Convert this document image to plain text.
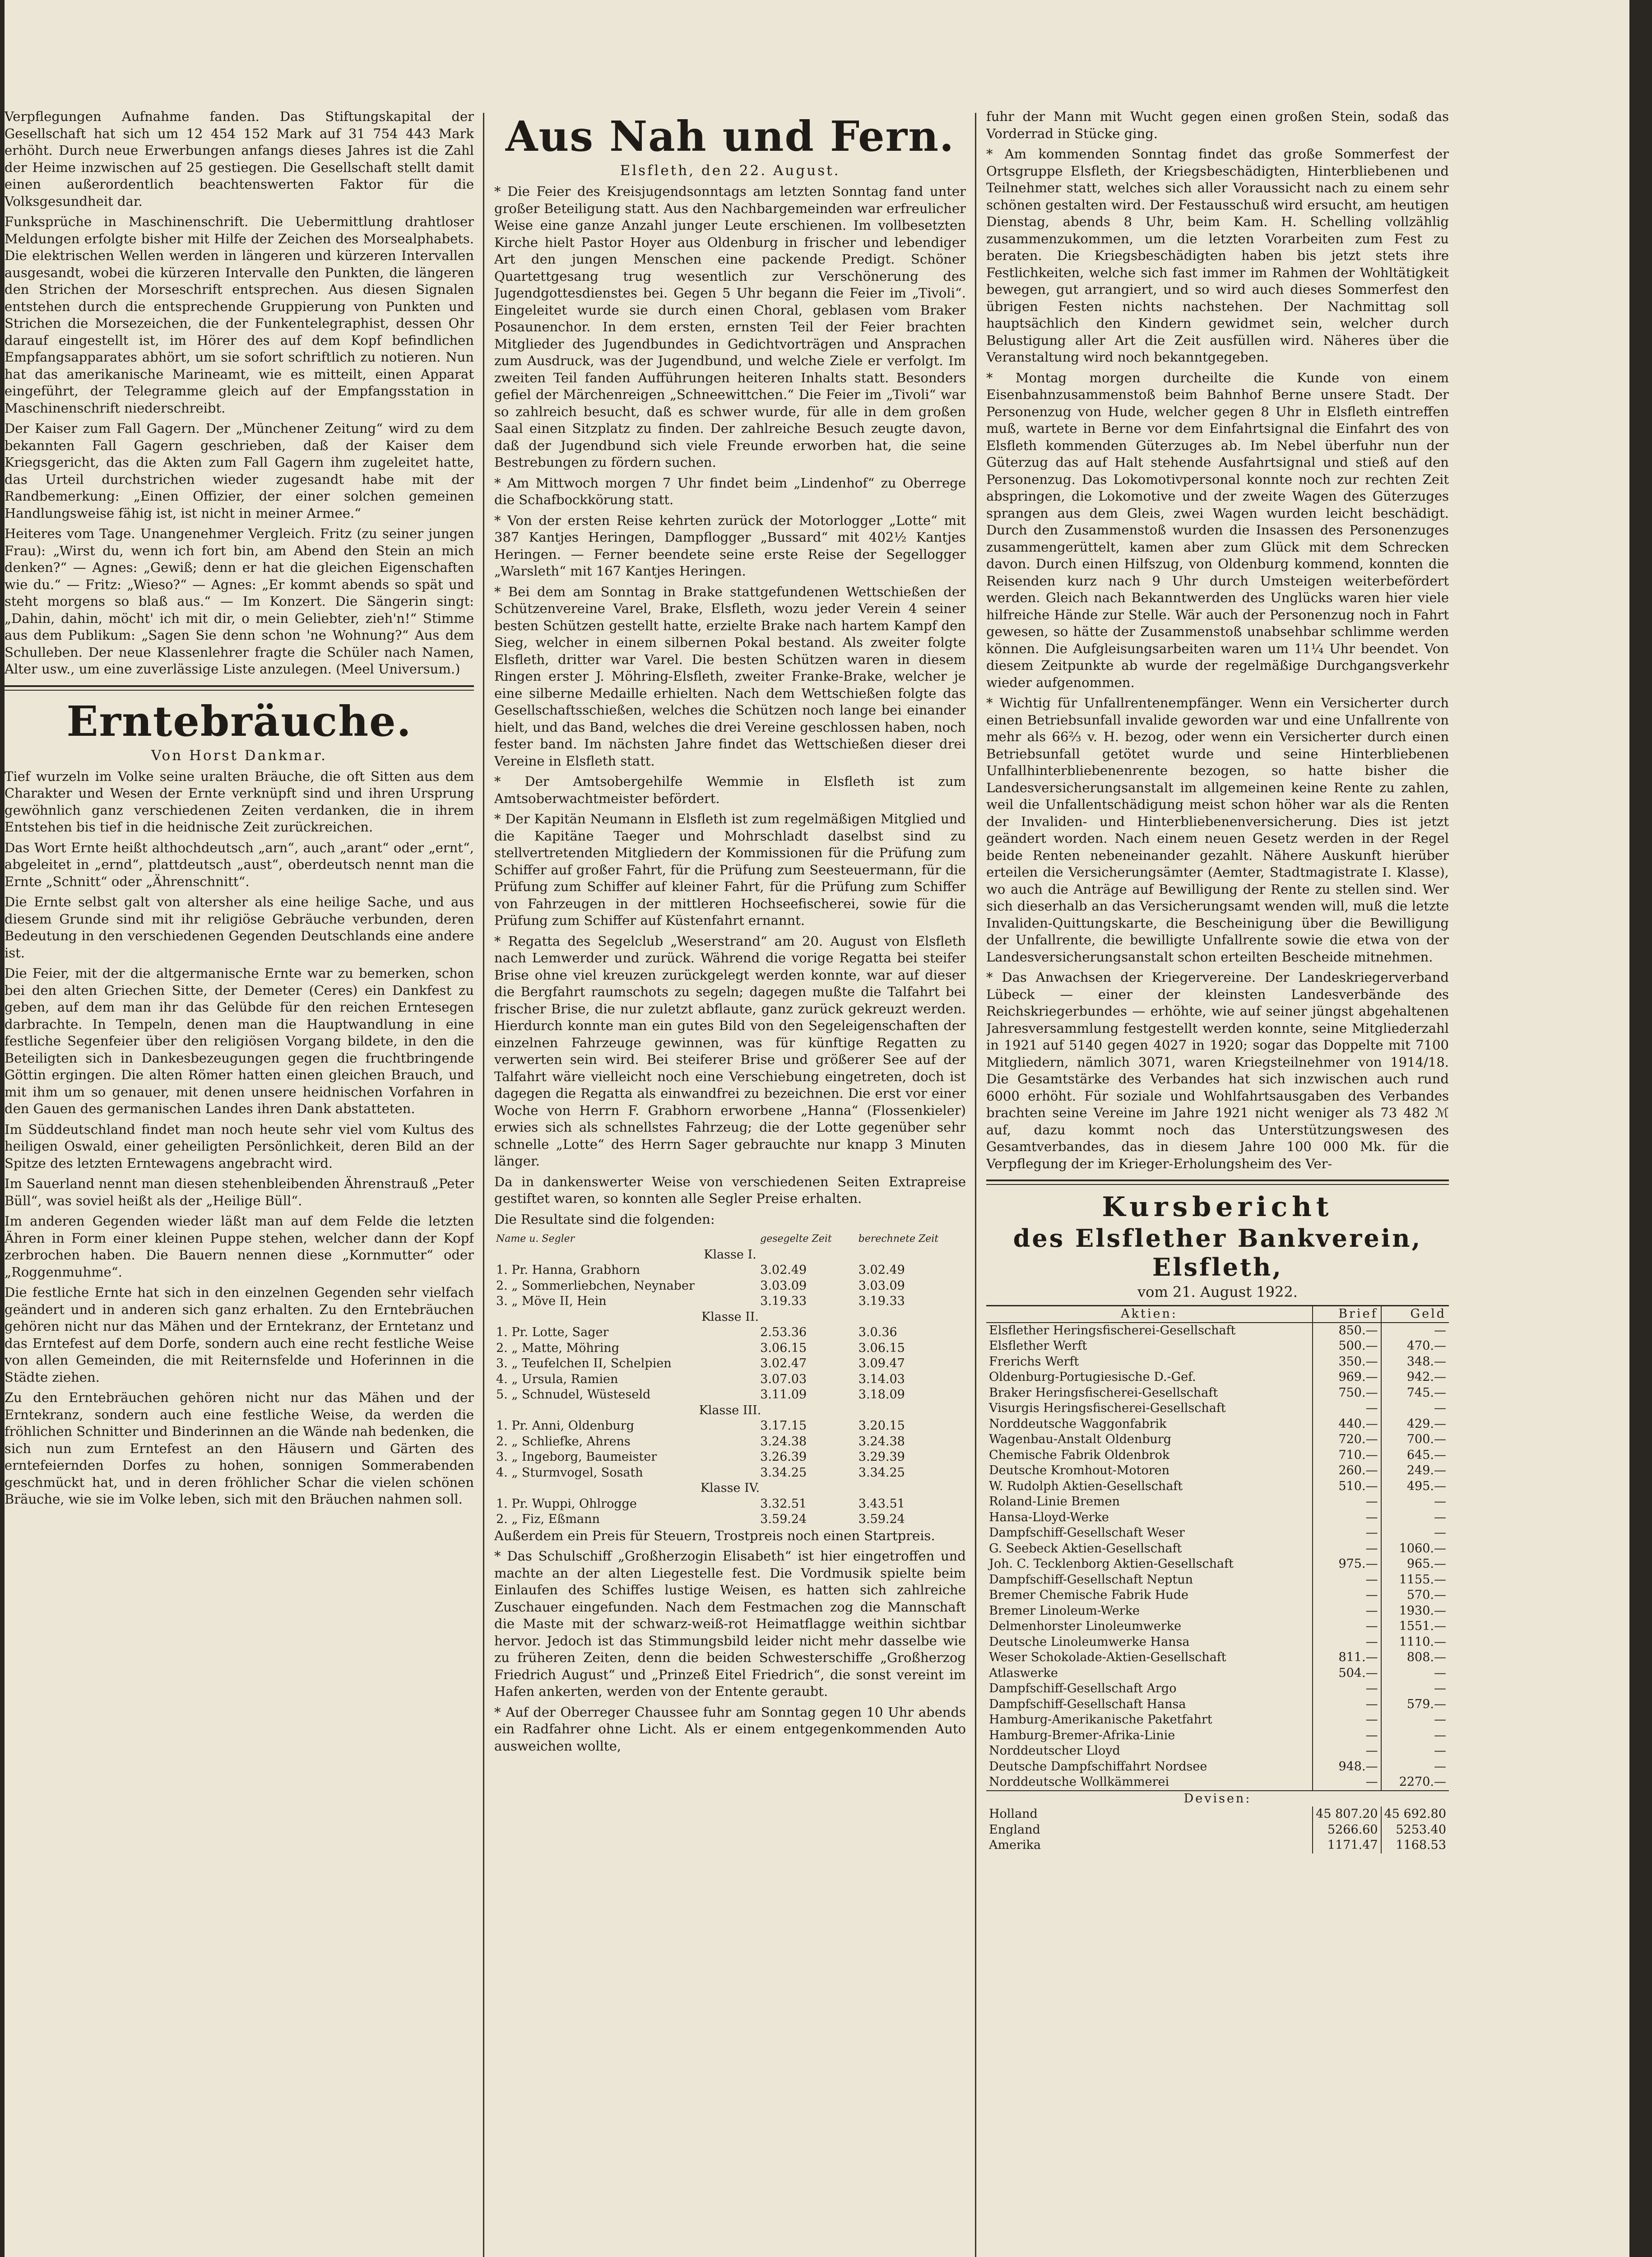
Verpflegungen Aufnahme fanden. Das Stiftungskapital der Gesellschaft hat sich um 12 454 152 Mark auf 31 754 443 Mark erhöht. Durch neue Erwerbungen anfangs dieses Jahres ist die Zahl der Heime inzwischen auf 25 gestiegen. Die Gesellschaft stellt damit einen außerordentlich beachtenswerten Faktor für die Volksgesundheit dar.

Funksprüche in Maschinenschrift. Die Uebermittlung drahtloser Meldungen erfolgte bisher mit Hilfe der Zeichen des Morsealphabets. Die elektrischen Wellen werden in längeren und kürzeren Intervallen ausgesandt, wobei die kürzeren Intervalle den Punkten, die längeren den Strichen der Morseschrift entsprechen. Aus diesen Signalen entstehen durch die entsprechende Gruppierung von Punkten und Strichen die Morsezeichen, die der Funkentelegraphist, dessen Ohr darauf eingestellt ist, im Hörer des auf dem Kopf befindlichen Empfangsapparates abhört, um sie sofort schriftlich zu notieren. Nun hat das amerikanische Marineamt, wie es mitteilt, einen Apparat eingeführt, der Telegramme gleich auf der Empfangsstation in Maschinenschrift niederschreibt.

Der Kaiser zum Fall Gagern. Der „Münchener Zeitung“ wird zu dem bekannten Fall Gagern geschrieben, daß der Kaiser dem Kriegsgericht, das die Akten zum Fall Gagern ihm zugeleitet hatte, das Urteil durchstrichen wieder zugesandt habe mit der Randbemerkung: „Einen Offizier, der einer solchen gemeinen Handlungsweise fähig ist, ist nicht in meiner Armee.“

Heiteres vom Tage. Unangenehmer Vergleich. Fritz (zu seiner jungen Frau): „Wirst du, wenn ich fort bin, am Abend den Stein an mich denken?“ — Agnes: „Gewiß; denn er hat die gleichen Eigenschaften wie du.“ — Fritz: „Wieso?“ — Agnes: „Er kommt abends so spät und steht morgens so blaß aus.“ — Im Konzert. Die Sängerin singt: „Dahin, dahin, möcht' ich mit dir, o mein Geliebter, zieh'n!“ Stimme aus dem Publikum: „Sagen Sie denn schon 'ne Wohnung?“ Aus dem Schulleben. Der neue Klassenlehrer fragte die Schüler nach Namen, Alter usw., um eine zuverlässige Liste anzulegen. (Meel Universum.)

Erntebräuche.
Von Horst Dankmar.

Tief wurzeln im Volke seine uralten Bräuche, die oft Sitten aus dem Charakter und Wesen der Ernte verknüpft sind und ihren Ursprung gewöhnlich ganz verschiedenen Zeiten verdanken, die in ihrem Entstehen bis tief in die heidnische Zeit zurückreichen.

Das Wort Ernte heißt althochdeutsch „arn“, auch „arant“ oder „ernt“, abgeleitet in „ernd“, plattdeutsch „aust“, oberdeutsch nennt man die Ernte „Schnitt“ oder „Ährenschnitt“.

Die Ernte selbst galt von altersher als eine heilige Sache, und aus diesem Grunde sind mit ihr religiöse Gebräuche verbunden, deren Bedeutung in den verschiedenen Gegenden Deutschlands eine andere ist.

Die Feier, mit der die altgermanische Ernte war zu bemerken, schon bei den alten Griechen Sitte, der Demeter (Ceres) ein Dankfest zu geben, auf dem man ihr das Gelübde für den reichen Erntesegen darbrachte. In Tempeln, denen man die Hauptwandlung in eine festliche Segenfeier über den religiösen Vorgang bildete, in den die Beteiligten sich in Dankesbezeugungen gegen die fruchtbringende Göttin ergingen. Die alten Römer hatten einen gleichen Brauch, und mit ihm um so genauer, mit denen unsere heidnischen Vorfahren in den Gauen des germanischen Landes ihren Dank abstatteten.

Im Süddeutschland findet man noch heute sehr viel vom Kultus des heiligen Oswald, einer geheiligten Persönlichkeit, deren Bild an der Spitze des letzten Erntewagens angebracht wird.

Im Sauerland nennt man diesen stehenbleibenden Ährenstrauß „Peter Büll“, was soviel heißt als der „Heilige Büll“.

Im anderen Gegenden wieder läßt man auf dem Felde die letzten Ähren in Form einer kleinen Puppe stehen, welcher dann der Kopf zerbrochen haben. Die Bauern nennen diese „Kornmutter“ oder „Roggenmuhme“.

Die festliche Ernte hat sich in den einzelnen Gegenden sehr vielfach geändert und in anderen sich ganz erhalten. Zu den Erntebräuchen gehören nicht nur das Mähen und der Erntekranz, der Erntetanz und das Erntefest auf dem Dorfe, sondern auch eine recht festliche Weise von allen Gemeinden, die mit Reiternsfelde und Hoferinnen in die Städte ziehen.

Zu den Erntebräuchen gehören nicht nur das Mähen und der Erntekranz, sondern auch eine festliche Weise, da werden die fröhlichen Schnitter und Binderinnen an die Wände nah bedenken, die sich nun zum Erntefest an den Häusern und Gärten des erntefeiernden Dorfes zu hohen, sonnigen Sommerabenden geschmückt hat, und in deren fröhlicher Schar die vielen schönen Bräuche, wie sie im Volke leben, sich mit den Bräuchen nahmen soll.

Aus Nah und Fern.
Elsfleth, den 22. August.

* Die Feier des Kreisjugendsonntags am letzten Sonntag fand unter großer Beteiligung statt. Aus den Nachbargemeinden war erfreulicher Weise eine ganze Anzahl junger Leute erschienen. Im vollbesetzten Kirche hielt Pastor Hoyer aus Oldenburg in frischer und lebendiger Art den jungen Menschen eine packende Predigt. Schöner Quartettgesang trug wesentlich zur Verschönerung des Jugendgottesdienstes bei. Gegen 5 Uhr begann die Feier im „Tivoli“. Eingeleitet wurde sie durch einen Choral, geblasen vom Braker Posaunenchor. In dem ersten, ernsten Teil der Feier brachten Mitglieder des Jugendbundes in Gedichtvorträgen und Ansprachen zum Ausdruck, was der Jugendbund, und welche Ziele er verfolgt. Im zweiten Teil fanden Aufführungen heiteren Inhalts statt. Besonders gefiel der Märchenreigen „Schneewittchen.“ Die Feier im „Tivoli“ war so zahlreich besucht, daß es schwer wurde, für alle in dem großen Saal einen Sitzplatz zu finden. Der zahlreiche Besuch zeugte davon, daß der Jugendbund sich viele Freunde erworben hat, die seine Bestrebungen zu fördern suchen.

* Am Mittwoch morgen 7 Uhr findet beim „Lindenhof“ zu Oberrege die Schafbockkörung statt.

* Von der ersten Reise kehrten zurück der Motorlogger „Lotte“ mit 387 Kantjes Heringen, Dampflogger „Bussard“ mit 402½ Kantjes Heringen. — Ferner beendete seine erste Reise der Segellogger „Warsleth“ mit 167 Kantjes Heringen.

* Bei dem am Sonntag in Brake stattgefundenen Wettschießen der Schützenvereine Varel, Brake, Elsfleth, wozu jeder Verein 4 seiner besten Schützen gestellt hatte, erzielte Brake nach hartem Kampf den Sieg, welcher in einem silbernen Pokal bestand. Als zweiter folgte Elsfleth, dritter war Varel. Die besten Schützen waren in diesem Ringen erster J. Möhring-Elsfleth, zweiter Franke-Brake, welcher je eine silberne Medaille erhielten. Nach dem Wettschießen folgte das Gesellschaftsschießen, welches die Schützen noch lange bei einander hielt, und das Band, welches die drei Vereine geschlossen haben, noch fester band. Im nächsten Jahre findet das Wettschießen dieser drei Vereine in Elsfleth statt.

* Der Amtsobergehilfe Wemmie in Elsfleth ist zum Amtsoberwachtmeister befördert.

* Der Kapitän Neumann in Elsfleth ist zum regelmäßigen Mitglied und die Kapitäne Taeger und Mohrschladt daselbst sind zu stellvertretenden Mitgliedern der Kommissionen für die Prüfung zum Schiffer auf großer Fahrt, für die Prüfung zum Seesteuermann, für die Prüfung zum Schiffer auf kleiner Fahrt, für die Prüfung zum Schiffer von Fahrzeugen in der mittleren Hochseefischerei, sowie für die Prüfung zum Schiffer auf Küstenfahrt ernannt.

* Regatta des Segelclub „Weserstrand“ am 20. August von Elsfleth nach Lemwerder und zurück. Während die vorige Regatta bei steifer Brise ohne viel kreuzen zurückgelegt werden konnte, war auf dieser die Bergfahrt raumschots zu segeln; dagegen mußte die Talfahrt bei frischer Brise, die nur zuletzt abflaute, ganz zurück gekreuzt werden. Hierdurch konnte man ein gutes Bild von den Segeleigenschaften der einzelnen Fahrzeuge gewinnen, was für künftige Regatten zu verwerten sein wird. Bei steiferer Brise und größerer See auf der Talfahrt wäre vielleicht noch eine Verschiebung eingetreten, doch ist dagegen die Regatta als einwandfrei zu bezeichnen. Die erst vor einer Woche von Herrn F. Grabhorn erworbene „Hanna“ (Flossenkieler) erwies sich als schnellstes Fahrzeug; die der Lotte gegenüber sehr schnelle „Lotte“ des Herrn Sager gebrauchte nur knapp 3 Minuten länger.

Da in dankenswerter Weise von verschiedenen Seiten Extrapreise gestiftet waren, so konnten alle Segler Preise erhalten.

Die Resultate sind die folgenden:

Name u. Segler	gesegelte Zeit	berechnete Zeit
Klasse I.		
1. Pr. Hanna, Grabhorn	3.02.49	3.02.49
2. „ Sommerliebchen, Neynaber	3.03.09	3.03.09
3. „ Möve II, Hein	3.19.33	3.19.33
Klasse II.		
1. Pr. Lotte, Sager	2.53.36	3.0.36
2. „ Matte, Möhring	3.06.15	3.06.15
3. „ Teufelchen II, Schelpien	3.02.47	3.09.47
4. „ Ursula, Ramien	3.07.03	3.14.03
5. „ Schnudel, Wüsteseld	3.11.09	3.18.09
Klasse III.		
1. Pr. Anni, Oldenburg	3.17.15	3.20.15
2. „ Schliefke, Ahrens	3.24.38	3.24.38
3. „ Ingeborg, Baumeister	3.26.39	3.29.39
4. „ Sturmvogel, Sosath	3.34.25	3.34.25
Klasse IV.		
1. Pr. Wuppi, Ohlrogge	3.32.51	3.43.51
2. „ Fiz, Eßmann	3.59.24	3.59.24

Außerdem ein Preis für Steuern, Trostpreis noch einen Startpreis.

* Das Schulschiff „Großherzogin Elisabeth“ ist hier eingetroffen und machte an der alten Liegestelle fest. Die Vordmusik spielte beim Einlaufen des Schiffes lustige Weisen, es hatten sich zahlreiche Zuschauer eingefunden. Nach dem Festmachen zog die Mannschaft die Maste mit der schwarz-weiß-rot Heimatflagge weithin sichtbar hervor. Jedoch ist das Stimmungsbild leider nicht mehr dasselbe wie zu früheren Zeiten, denn die beiden Schwesterschiffe „Großherzog Friedrich August“ und „Prinzeß Eitel Friedrich“, die sonst vereint im Hafen ankerten, werden von der Entente geraubt.

* Auf der Oberreger Chaussee fuhr am Sonntag gegen 10 Uhr abends ein Radfahrer ohne Licht. Als er einem entgegenkommenden Auto ausweichen wollte,

fuhr der Mann mit Wucht gegen einen großen Stein, sodaß das Vorderrad in Stücke ging.

* Am kommenden Sonntag findet das große Sommerfest der Ortsgruppe Elsfleth, der Kriegsbeschädigten, Hinterbliebenen und Teilnehmer statt, welches sich aller Voraussicht nach zu einem sehr schönen gestalten wird. Der Festausschuß wird ersucht, am heutigen Dienstag, abends 8 Uhr, beim Kam. H. Schelling vollzählig zusammenzukommen, um die letzten Vorarbeiten zum Fest zu beraten. Die Kriegsbeschädigten haben bis jetzt stets ihre Festlichkeiten, welche sich fast immer im Rahmen der Wohltätigkeit bewegen, gut arrangiert, und so wird auch dieses Sommerfest den übrigen Festen nichts nachstehen. Der Nachmittag soll hauptsächlich den Kindern gewidmet sein, welcher durch Belustigung aller Art die Zeit ausfüllen wird. Näheres über die Veranstaltung wird noch bekanntgegeben.

* Montag morgen durcheilte die Kunde von einem Eisenbahnzusammenstoß beim Bahnhof Berne unsere Stadt. Der Personenzug von Hude, welcher gegen 8 Uhr in Elsfleth eintreffen muß, wartete in Berne vor dem Einfahrtsignal die Einfahrt des von Elsfleth kommenden Güterzuges ab. Im Nebel überfuhr nun der Güterzug das auf Halt stehende Ausfahrtsignal und stieß auf den Personenzug. Das Lokomotivpersonal konnte noch zur rechten Zeit abspringen, die Lokomotive und der zweite Wagen des Güterzuges sprangen aus dem Gleis, zwei Wagen wurden leicht beschädigt. Durch den Zusammenstoß wurden die Insassen des Personenzuges zusammengerüttelt, kamen aber zum Glück mit dem Schrecken davon. Durch einen Hilfszug, von Oldenburg kommend, konnten die Reisenden kurz nach 9 Uhr durch Umsteigen weiterbefördert werden. Gleich nach Bekanntwerden des Unglücks waren hier viele hilfreiche Hände zur Stelle. Wär auch der Personenzug noch in Fahrt gewesen, so hätte der Zusammenstoß unabsehbar schlimme werden können. Die Aufgleisungsarbeiten waren um 11¼ Uhr beendet. Von diesem Zeitpunkte ab wurde der regelmäßige Durchgangsverkehr wieder aufgenommen.

* Wichtig für Unfallrentenempfänger. Wenn ein Versicherter durch einen Betriebsunfall invalide geworden war und eine Unfallrente von mehr als 66⅔ v. H. bezog, oder wenn ein Versicherter durch einen Betriebsunfall getötet wurde und seine Hinterbliebenen Unfallhinterbliebenenrente bezogen, so hatte bisher die Landesversicherungsanstalt im allgemeinen keine Rente zu zahlen, weil die Unfallentschädigung meist schon höher war als die Renten der Invaliden- und Hinterbliebenenversicherung. Dies ist jetzt geändert worden. Nach einem neuen Gesetz werden in der Regel beide Renten nebeneinander gezahlt. Nähere Auskunft hierüber erteilen die Versicherungsämter (Aemter, Stadtmagistrate I. Klasse), wo auch die Anträge auf Bewilligung der Rente zu stellen sind. Wer sich dieserhalb an das Versicherungsamt wenden will, muß die letzte Invaliden-Quittungskarte, die Bescheinigung über die Bewilligung der Unfallrente, die bewilligte Unfallrente sowie die etwa von der Landesversicherungsanstalt schon erteilten Bescheide mitnehmen.

* Das Anwachsen der Kriegervereine. Der Landeskriegerverband Lübeck — einer der kleinsten Landesverbände des Reichskriegerbundes — erhöhte, wie auf seiner jüngst abgehaltenen Jahresversammlung festgestellt werden konnte, seine Mitgliederzahl in 1921 auf 5140 gegen 4027 in 1920; sogar das Doppelte mit 7100 Mitgliedern, nämlich 3071, waren Kriegsteilnehmer von 1914/18. Die Gesamtstärke des Verbandes hat sich inzwischen auch rund 6000 erhöht. Für soziale und Wohlfahrtsausgaben des Verbandes brachten seine Vereine im Jahre 1921 nicht weniger als 73 482 ℳ auf, dazu kommt noch das Unterstützungswesen des Gesamtverbandes, das in diesem Jahre 100 000 Mk. für die Verpflegung der im Krieger-Erholungsheim des Ver-

Kursbericht
des Elsflether Bankverein, Elsfleth,
vom 21. August 1922.
Aktien:	Brief	Geld
Elsflether Heringsfischerei-Gesellschaft	850.—	—
Elsflether Werft	500.—	470.—
Frerichs Werft	350.—	348.—
Oldenburg-Portugiesische D.-Gef.	969.—	942.—
Braker Heringsfischerei-Gesellschaft	750.—	745.—
Visurgis Heringsfischerei-Gesellschaft	—	—
Norddeutsche Waggonfabrik	440.—	429.—
Wagenbau-Anstalt Oldenburg	720.—	700.—
Chemische Fabrik Oldenbrok	710.—	645.—
Deutsche Kromhout-Motoren	260.—	249.—
W. Rudolph Aktien-Gesellschaft	510.—	495.—
Roland-Linie Bremen	—	—
Hansa-Lloyd-Werke	—	—
Dampfschiff-Gesellschaft Weser	—	—
G. Seebeck Aktien-Gesellschaft	—	1060.—
Joh. C. Tecklenborg Aktien-Gesellschaft	975.—	965.—
Dampfschiff-Gesellschaft Neptun	—	1155.—
Bremer Chemische Fabrik Hude	—	570.—
Bremer Linoleum-Werke	—	1930.—
Delmenhorster Linoleumwerke	—	1551.—
Deutsche Linoleumwerke Hansa	—	1110.—
Weser Schokolade-Aktien-Gesellschaft	811.—	808.—
Atlaswerke	504.—	—
Dampfschiff-Gesellschaft Argo	—	—
Dampfschiff-Gesellschaft Hansa	—	579.—
Hamburg-Amerikanische Paketfahrt	—	—
Hamburg-Bremer-Afrika-Linie	—	—
Norddeutscher Lloyd	—	—
Deutsche Dampfschiffahrt Nordsee	948.—	—
Norddeutsche Wollkämmerei	—	2270.—
Devisen:		
Holland	45 807.20	45 692.80
England	5266.60	5253.40
Amerika	1171.47	1168.53
